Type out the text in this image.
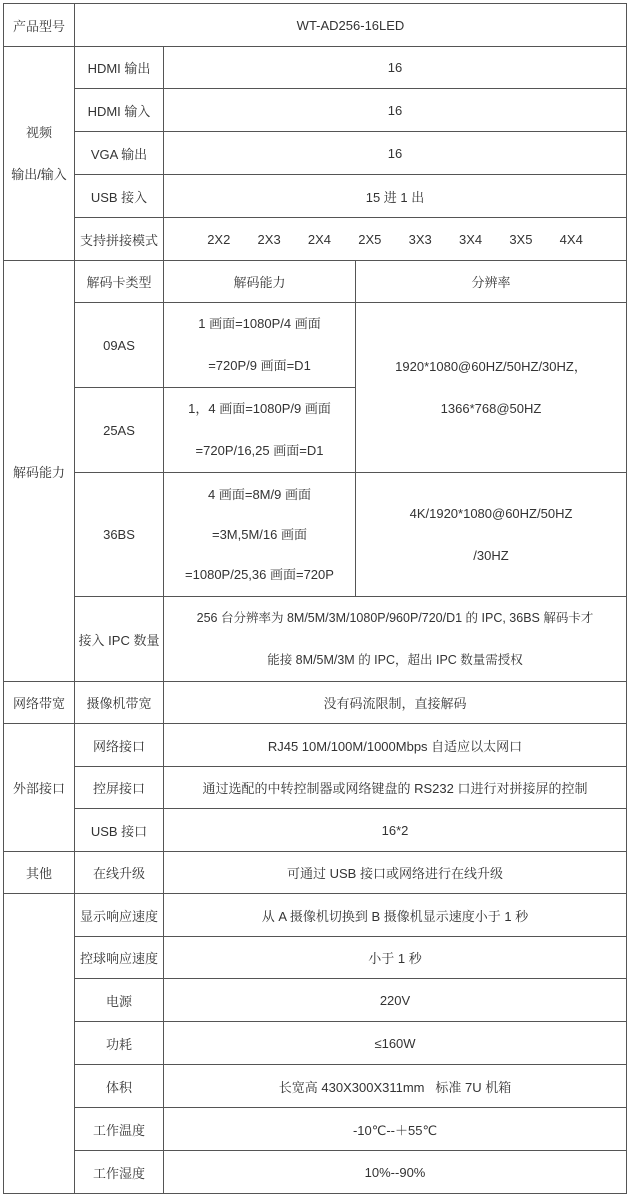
产品型号	WT-AD256-16LED		
视频
输出/输入	HDMI 输出	16	
	HDMI 输入	16	
	VGA 输出	16	
	USB 接入	15 进 1 出	
	支持拼接模式	2X2  2X3  2X4  2X5  3X3  3X4  3X5  4X4	
解码能力	解码卡类型	解码能力	分辨率
	09AS	1 画面=1080P/4 画面
=720P/9 画面=D1	1920*1080@60HZ/50HZ/30HZ，
1366*768@50HZ
	25AS	1，4 画面=1080P/9 画面
=720P/16,25 画面=D1	
	36BS	4 画面=8M/9 画面
=3M,5M/16 画面
=1080P/25,36 画面=720P	4K/1920*1080@60HZ/50HZ
/30HZ
	接入 IPC 数量	256 台分辨率为 8M/5M/3M/1080P/960P/720/D1 的 IPC, 36BS 解码卡才
能接 8M/5M/3M 的 IPC，超出 IPC 数量需授权	

网络带宽	摄像机带宽	没有码流限制，直接解码	
外部接口	网络接口	RJ45 10M/100M/1000Mbps 自适应以太网口	
	控屏接口	通过选配的中转控制器或网络键盘的 RS232 口进行对拼接屏的控制	
	USB 接口	16*2	
其他	在线升级	可通过 USB 接口或网络进行在线升级	
	显示响应速度	从 A 摄像机切换到 B 摄像机显示速度小于 1 秒	
	控球响应速度	小于 1 秒	
	电源	220V	
	功耗	≤160W	
	体积	长宽高 430X300X311mm   标准 7U 机箱	
	工作温度	-10℃--＋55℃	
	工作湿度	10%--90%	
